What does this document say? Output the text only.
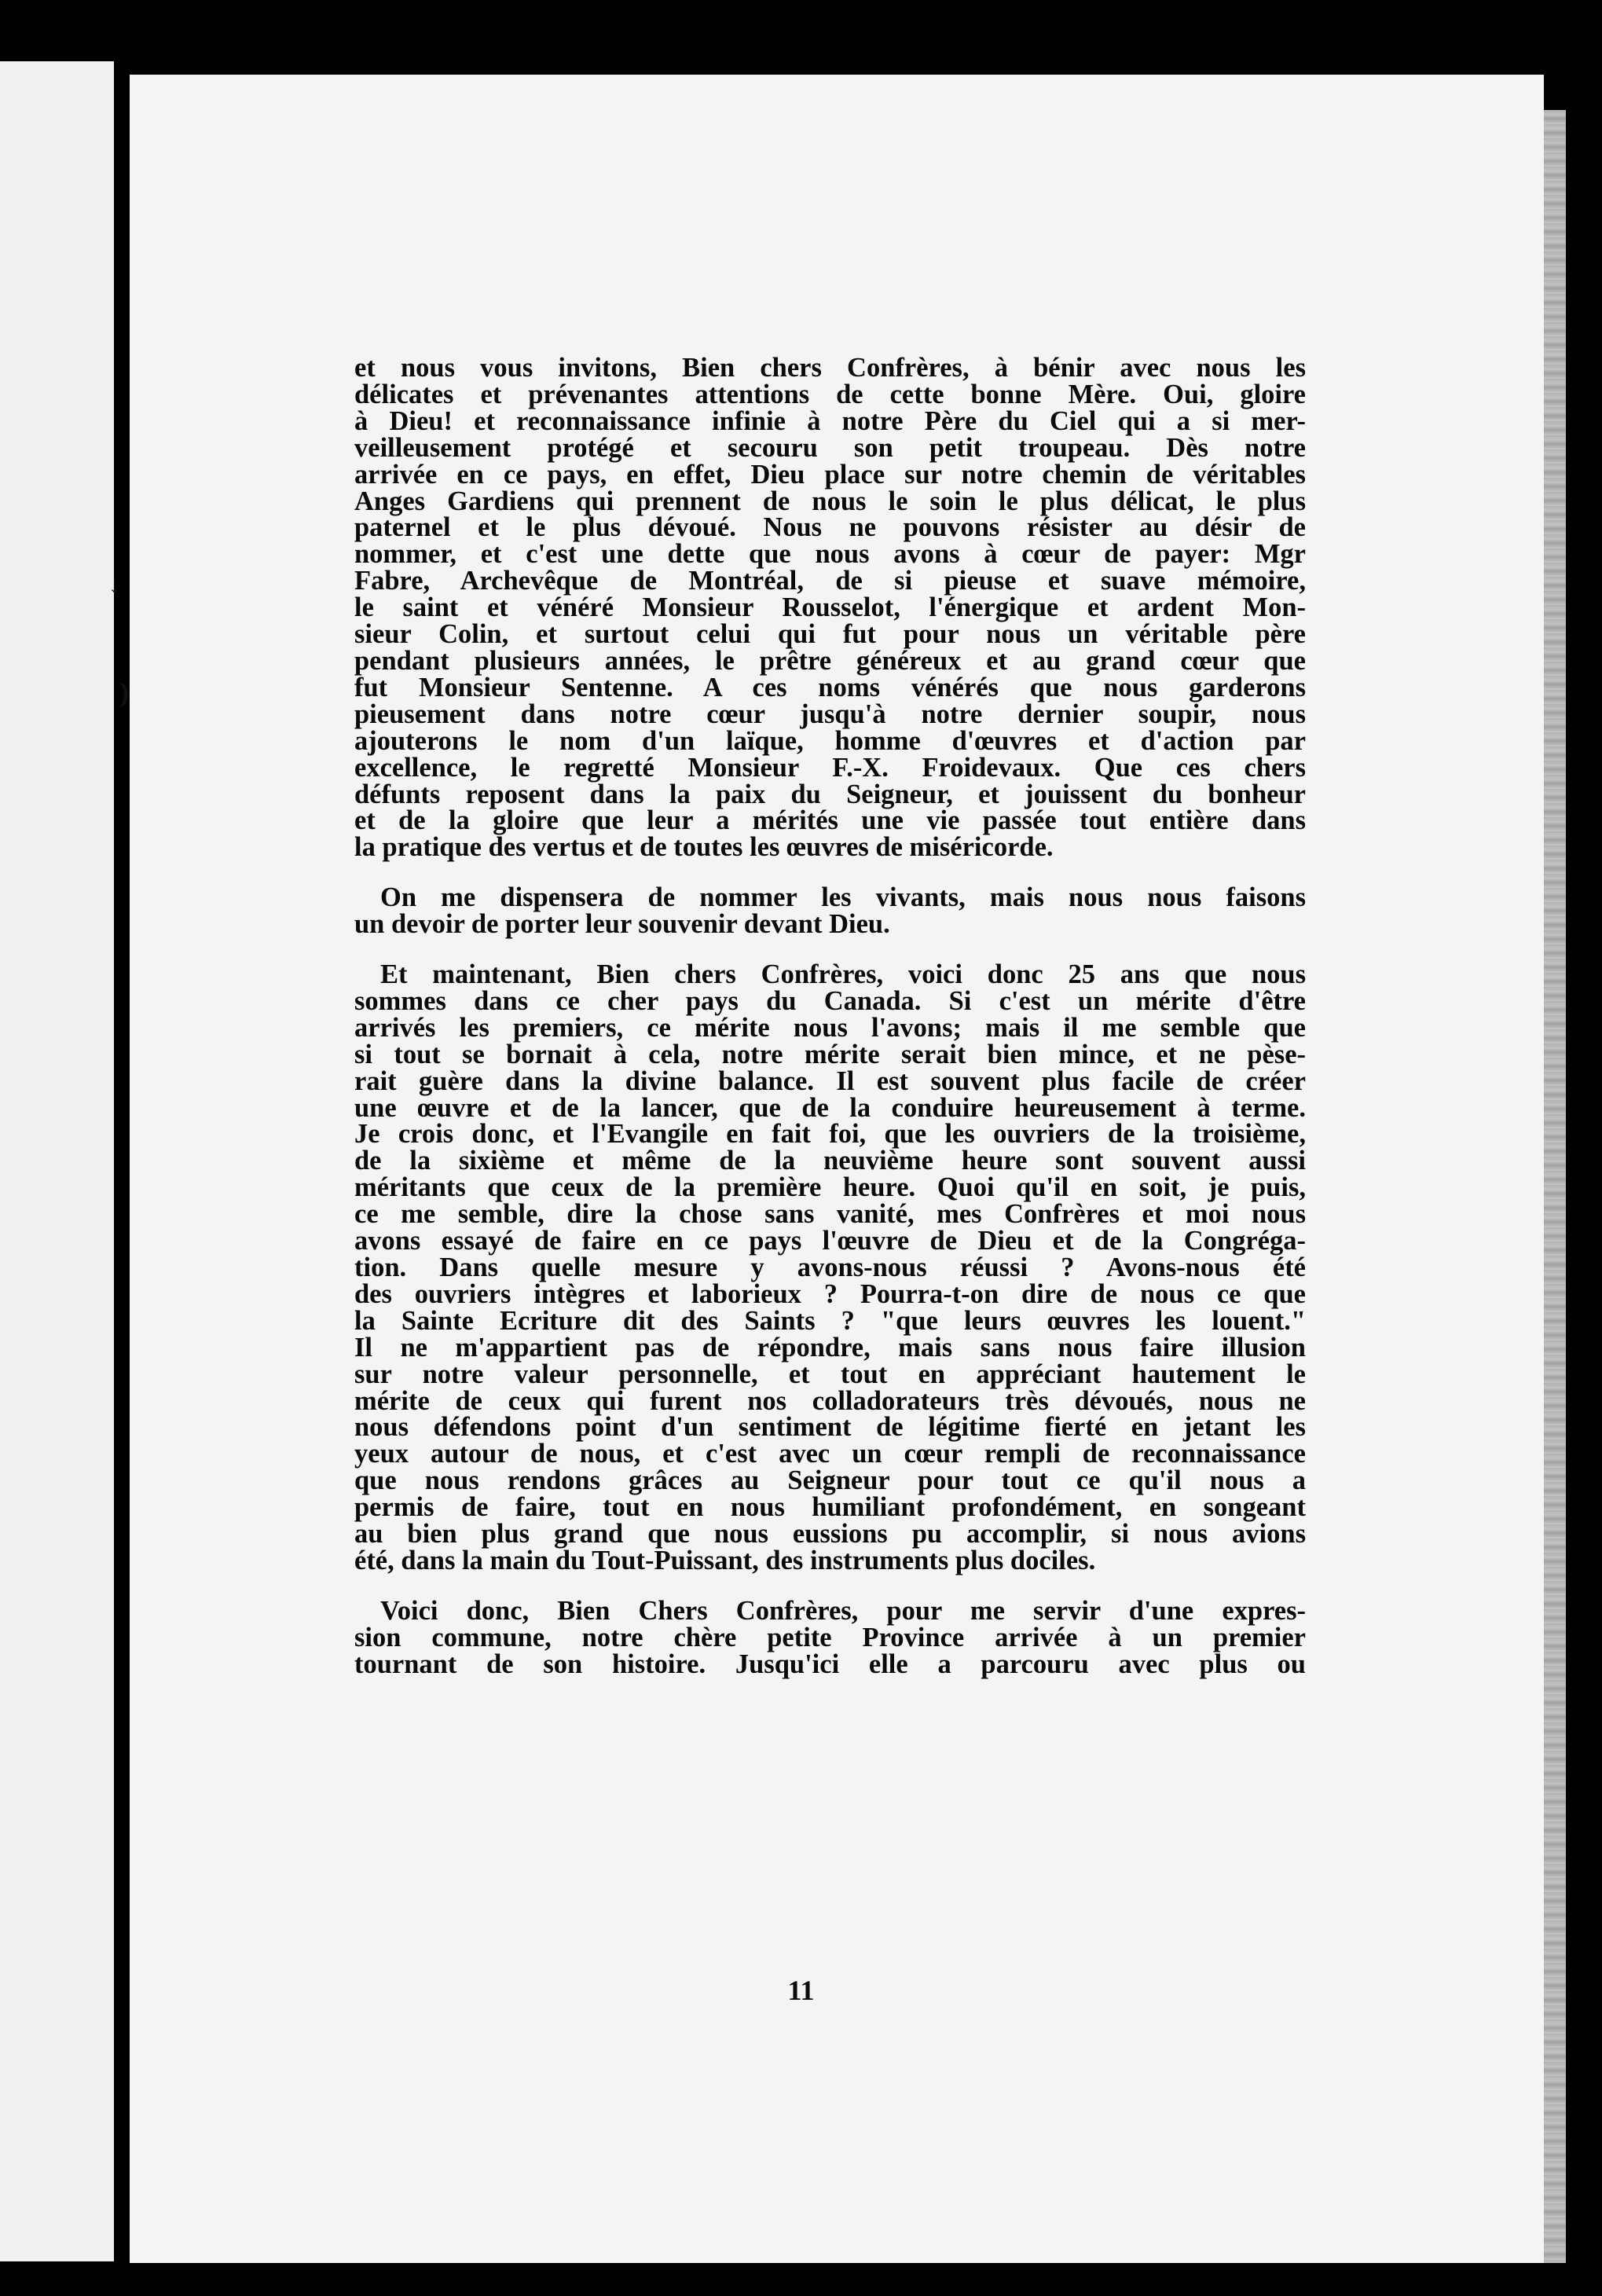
↓
)
et nous vous invitons, Bien chers Confrères, à bénir avec nous les
délicates et prévenantes attentions de cette bonne Mère. Oui, gloire
à Dieu! et reconnaissance infinie à notre Père du Ciel qui a si mer-
veilleusement protégé et secouru son petit troupeau. Dès notre
arrivée en ce pays, en effet, Dieu place sur notre chemin de véritables
Anges Gardiens qui prennent de nous le soin le plus délicat, le plus
paternel et le plus dévoué. Nous ne pouvons résister au désir de
nommer, et c'est une dette que nous avons à cœur de payer: Mgr
Fabre, Archevêque de Montréal, de si pieuse et suave mémoire,
le saint et vénéré Monsieur Rousselot, l'énergique et ardent Mon-
sieur Colin, et surtout celui qui fut pour nous un véritable père
pendant plusieurs années, le prêtre généreux et au grand cœur que
fut Monsieur Sentenne. A ces noms vénérés que nous garderons
pieusement dans notre cœur jusqu'à notre dernier soupir, nous
ajouterons le nom d'un laïque, homme d'œuvres et d'action par
excellence, le regretté Monsieur F.-X. Froidevaux. Que ces chers
défunts reposent dans la paix du Seigneur, et jouissent du bonheur
et de la gloire que leur a mérités une vie passée tout entière dans
la pratique des vertus et de toutes les œuvres de miséricorde.
On me dispensera de nommer les vivants, mais nous nous faisons
un devoir de porter leur souvenir devant Dieu.
Et maintenant, Bien chers Confrères, voici donc 25 ans que nous
sommes dans ce cher pays du Canada. Si c'est un mérite d'être
arrivés les premiers, ce mérite nous l'avons; mais il me semble que
si tout se bornait à cela, notre mérite serait bien mince, et ne pèse-
rait guère dans la divine balance. Il est souvent plus facile de créer
une œuvre et de la lancer, que de la conduire heureusement à terme.
Je crois donc, et l'Evangile en fait foi, que les ouvriers de la troisième,
de la sixième et même de la neuvième heure sont souvent aussi
méritants que ceux de la première heure. Quoi qu'il en soit, je puis,
ce me semble, dire la chose sans vanité, mes Confrères et moi nous
avons essayé de faire en ce pays l'œuvre de Dieu et de la Congréga-
tion. Dans quelle mesure y avons-nous réussi ? Avons-nous été
des ouvriers intègres et laborieux ? Pourra-t-on dire de nous ce que
la Sainte Ecriture dit des Saints ? "que leurs œuvres les louent."
Il ne m'appartient pas de répondre, mais sans nous faire illusion
sur notre valeur personnelle, et tout en appréciant hautement le
mérite de ceux qui furent nos colladorateurs très dévoués, nous ne
nous défendons point d'un sentiment de légitime fierté en jetant les
yeux autour de nous, et c'est avec un cœur rempli de reconnaissance
que nous rendons grâces au Seigneur pour tout ce qu'il nous a
permis de faire, tout en nous humiliant profondément, en songeant
au bien plus grand que nous eussions pu accomplir, si nous avions
été, dans la main du Tout-Puissant, des instruments plus dociles.
Voici donc, Bien Chers Confrères, pour me servir d'une expres-
sion commune, notre chère petite Province arrivée à un premier
tournant de son histoire. Jusqu'ici elle a parcouru avec plus ou
11
